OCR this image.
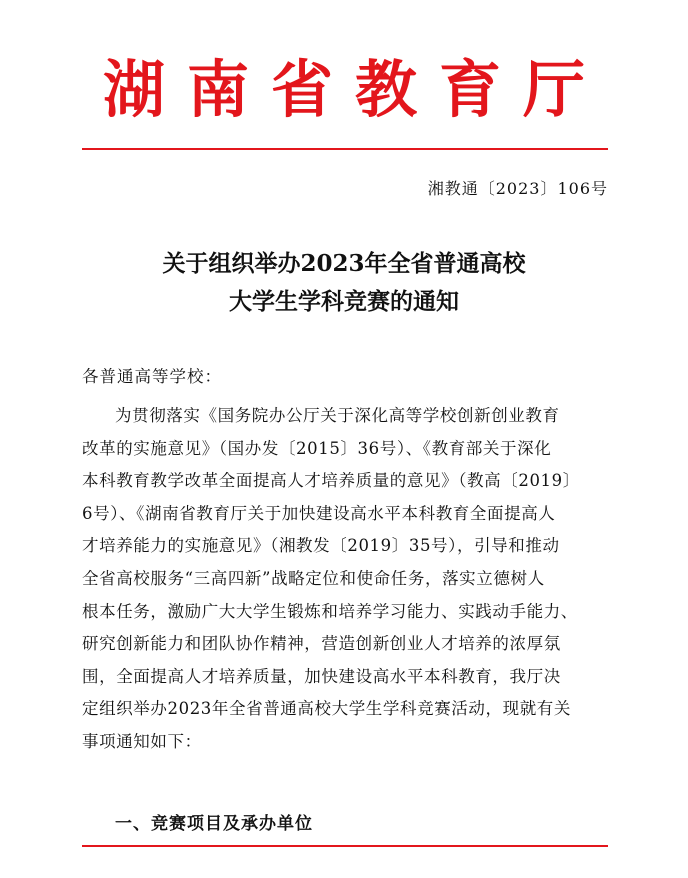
湖南省教育厅
湘教通〔2023〕106号
关于组织举办2023年全省普通高校
大学生学科竞赛的通知
各普通高等学校：
为贯彻落实《国务院办公厅关于深化高等学校创新创业教育
改革的实施意见》（国办发〔2015〕36号）、《教育部关于深化
本科教育教学改革全面提高人才培养质量的意见》（教高〔2019〕
6号）、《湖南省教育厅关于加快建设高水平本科教育全面提高人
才培养能力的实施意见》（湘教发〔2019〕35号），引导和推动
全省高校服务“三高四新”战略定位和使命任务，落实立德树人
根本任务，激励广大大学生锻炼和培养学习能力、实践动手能力、
研究创新能力和团队协作精神，营造创新创业人才培养的浓厚氛
围，全面提高人才培养质量，加快建设高水平本科教育，我厅决
定组织举办2023年全省普通高校大学生学科竞赛活动，现就有关
事项通知如下：
一、竞赛项目及承办单位
